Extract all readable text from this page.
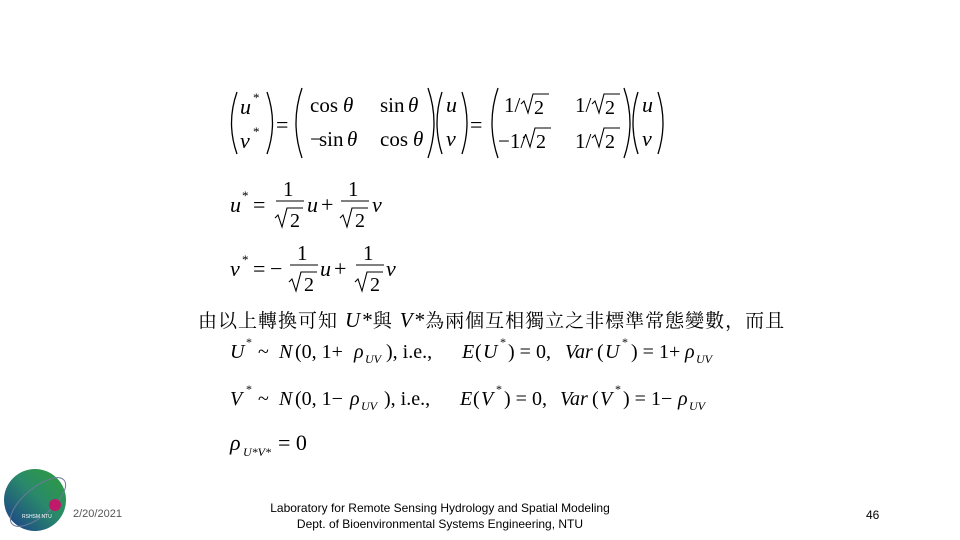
u *
v * =
cos θ sin θ
−
sin θ cos θ
u
v
=
1/ 2 1/ 2
−1/ 2 1/ 2
u
v
u * =
1
2
u +
1
2
v
v * = −
1
2
u +
1
2
v
U * ~ N (0, 1+ ρ UV ), i.e., E ( U * ) = 0, Var ( U * ) = 1+ ρ UV
V * ~ N (0, 1− ρ UV ), i.e., E ( V * ) = 0, Var ( V * ) = 1− ρ UV
ρ U*V* = 0
由以上轉換可知 U*與 V*為兩個互相獨立之非標準常態變數，而且
RSHSM NTU 2/20/2021	Laboratory for Remote Sensing Hydrology and Spatial Modeling
Dept. of Bioenvironmental Systems Engineering, NTU
46
